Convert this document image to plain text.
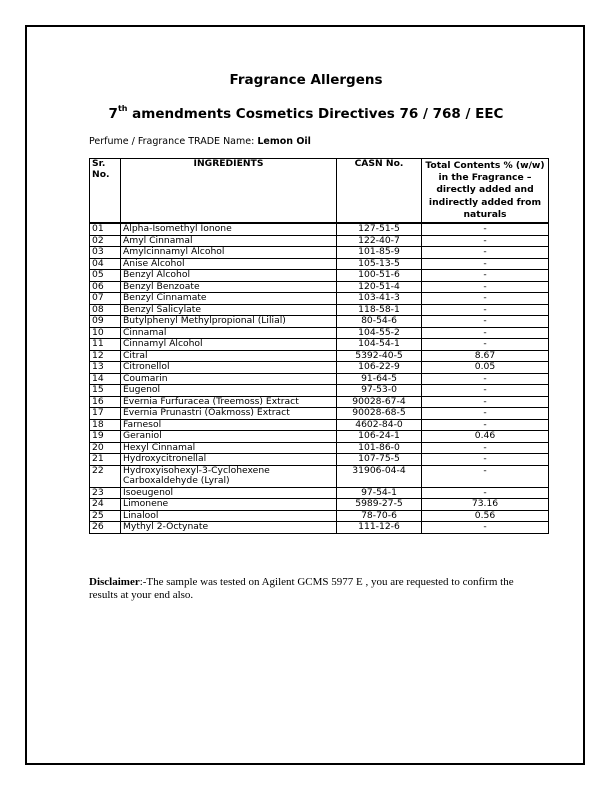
Fragrance Allergens
7th amendments Cosmetics Directives 76 / 768 / EEC
Perfume / Fragrance TRADE Name: Lemon Oil
Sr. No.	INGREDIENTS	CASN No.	Total Contents % (w/w) in the Fragrance – directly added and indirectly added from naturals
01	Alpha-Isomethyl Ionone	127-51-5	-
02	Amyl Cinnamal	122-40-7	-
03	Amylcinnamyl Alcohol	101-85-9	-
04	Anise Alcohol	105-13-5	-
05	Benzyl Alcohol	100-51-6	-
06	Benzyl Benzoate	120-51-4	-
07	Benzyl Cinnamate	103-41-3	-
08	Benzyl Salicylate	118-58-1	-
09	Butylphenyl Methylpropional (Lilial)	80-54-6	-
10	Cinnamal	104-55-2	-
11	Cinnamyl Alcohol	104-54-1	-
12	Citral	5392-40-5	8.67
13	Citronellol	106-22-9	0.05
14	Coumarin	91-64-5	-
15	Eugenol	97-53-0	-
16	Evernia Furfuracea (Treemoss) Extract	90028-67-4	-
17	Evernia Prunastri (Oakmoss) Extract	90028-68-5	-
18	Farnesol	4602-84-0	-
19	Geraniol	106-24-1	0.46
20	Hexyl Cinnamal	101-86-0	-
21	Hydroxycitronellal	107-75-5	-
22	Hydroxyisohexyl-3-Cyclohexene Carboxaldehyde (Lyral)	31906-04-4	-
23	Isoeugenol	97-54-1	-
24	Limonene	5989-27-5	73.16
25	Linalool	78-70-6	0.56
26	Mythyl 2-Octynate	111-12-6	-
Disclaimer:-The sample was tested on Agilent GCMS 5977 E , you are requested to confirm the results at your end also.
